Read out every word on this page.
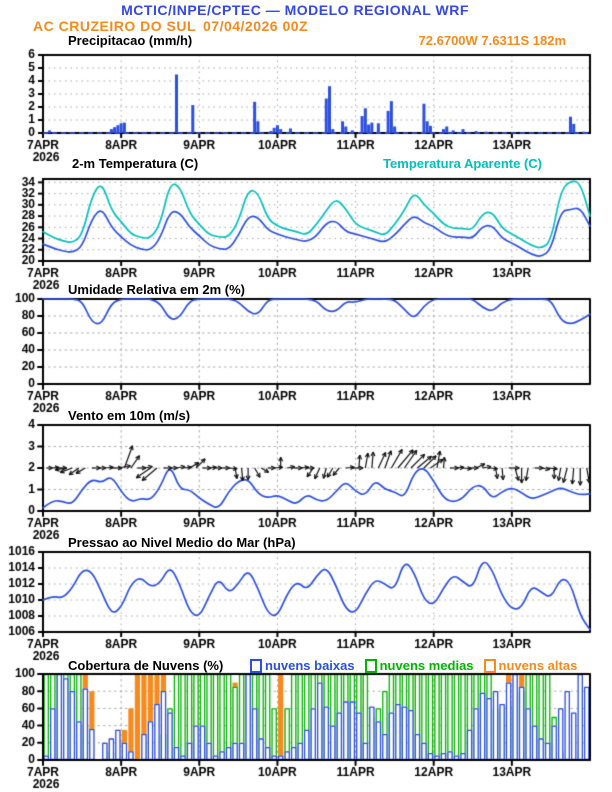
MCTIC/INPE/CPTEC — MODELO REGIONAL WRF
AC CRUZEIRO DO SUL 07/04/2026 00Z
Precipitacao (mm/h)	72.6700W 7.6311S 182m
2-m Temperatura (C)	Temperatura Aparente (C)
Umidade Relativa em 2m (%)
Vento em 10m (m/s)
Pressao ao Nivel Medio do Mar (hPa)
Cobertura de Nuvens (%)	nuvens baixas nuvens medias nuvens altas
